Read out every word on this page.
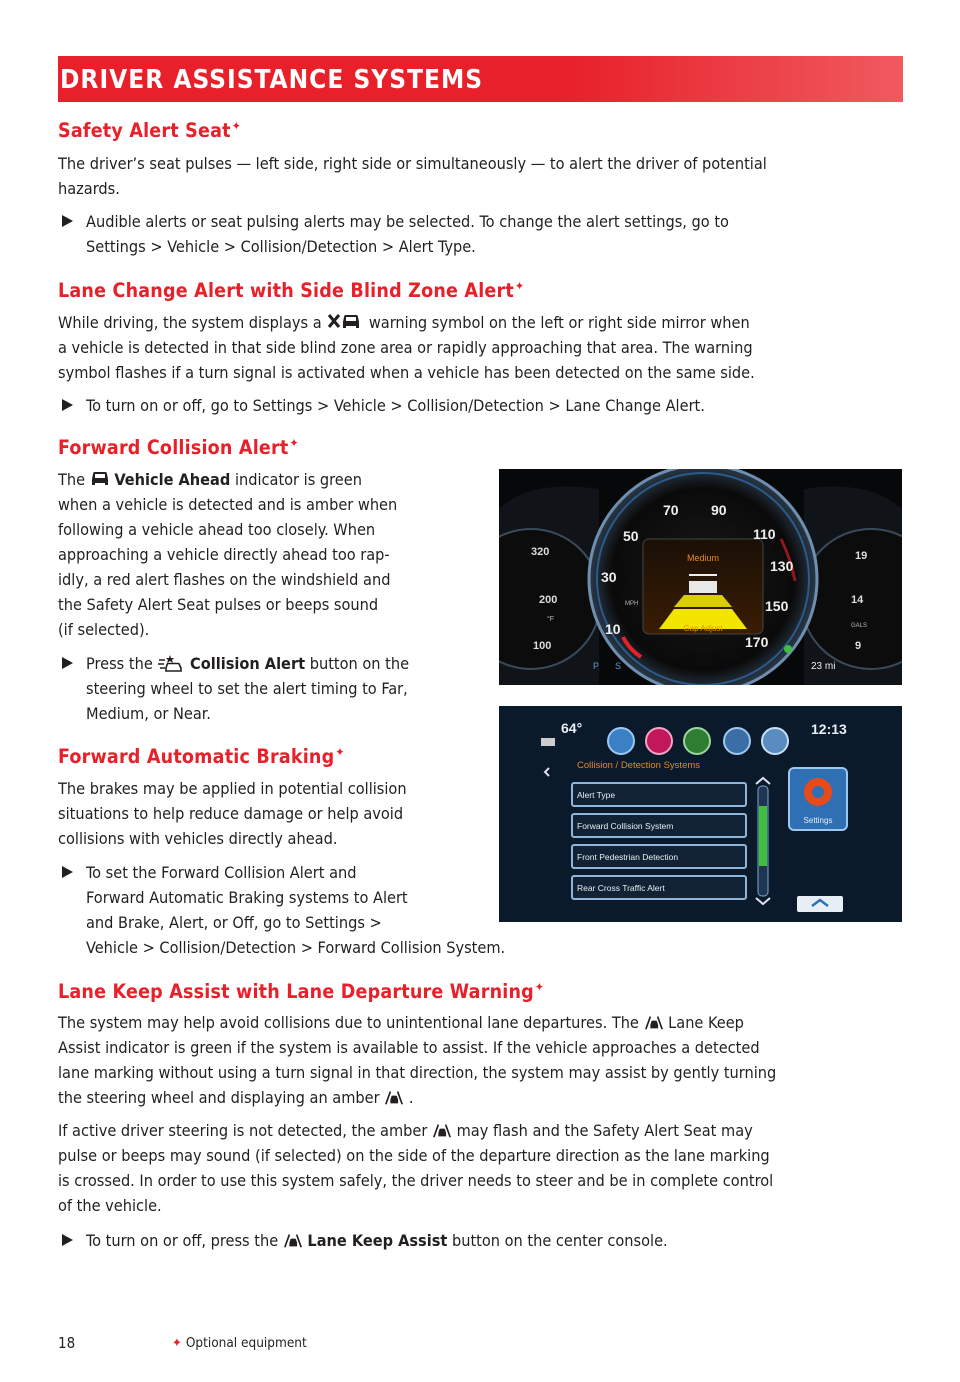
DRIVER ASSISTANCE SYSTEMS
Safety Alert Seat✦

The driver’s seat pulses — left side, right side or simultaneously — to alert the driver of potential
hazards.

Audible alerts or seat pulsing alerts may be selected. To change the alert settings, go to
Settings > Vehicle > Collision/Detection > Alert Type.
Lane Change Alert with Side Blind Zone Alert✦

While driving, the system displays a	warning symbol on the left or right side mirror when
a vehicle is detected in that side blind zone area or rapidly approaching that area. The warning
symbol flashes if a turn signal is activated when a vehicle has been detected on the same side.

To turn on or off, go to Settings > Vehicle > Collision/Detection > Lane Change Alert.
Forward Collision Alert✦

The Vehicle Ahead indicator is green
when a vehicle is detected and is amber when
following a vehicle ahead too closely. When
approaching a vehicle directly ahead too rap-
idly, a red alert flashes on the windshield and
the Safety Alert Seat pulses or beeps sound
(if selected).

Press the Collision Alert button on the
steering wheel to set the alert timing to Far,
Medium, or Near.
10
30
50
70 90
110
130
150
170
Medium
Gap Adjust
MPH
320
200
100
19
14
9
°F
GALS
23 mi
P S
64°	12:13
Collision / Detection Systems
Alert Type
Forward Collision System
Front Pedestrian Detection
Rear Cross Traffic Alert
Settings
Forward Automatic Braking✦

The brakes may be applied in potential collision
situations to help reduce damage or help avoid
collisions with vehicles directly ahead.

To set the Forward Collision Alert and
Forward Automatic Braking systems to Alert
and Brake, Alert, or Off, go to Settings >
Vehicle > Collision/Detection > Forward Collision System.
Lane Keep Assist with Lane Departure Warning✦

The system may help avoid collisions due to unintentional lane departures. The Lane Keep
Assist indicator is green if the system is available to assist. If the vehicle approaches a detected
lane marking without using a turn signal in that direction, the system may assist by gently turning
the steering wheel and displaying an amber .

If active driver steering is not detected, the amber may flash and the Safety Alert Seat may
pulse or beeps may sound (if selected) on the side of the departure direction as the lane marking
is crossed. In order to use this system safely, the driver needs to steer and be in complete control
of the vehicle.

To turn on or off, press the Lane Keep Assist button on the center console.
18	✦ Optional equipment
